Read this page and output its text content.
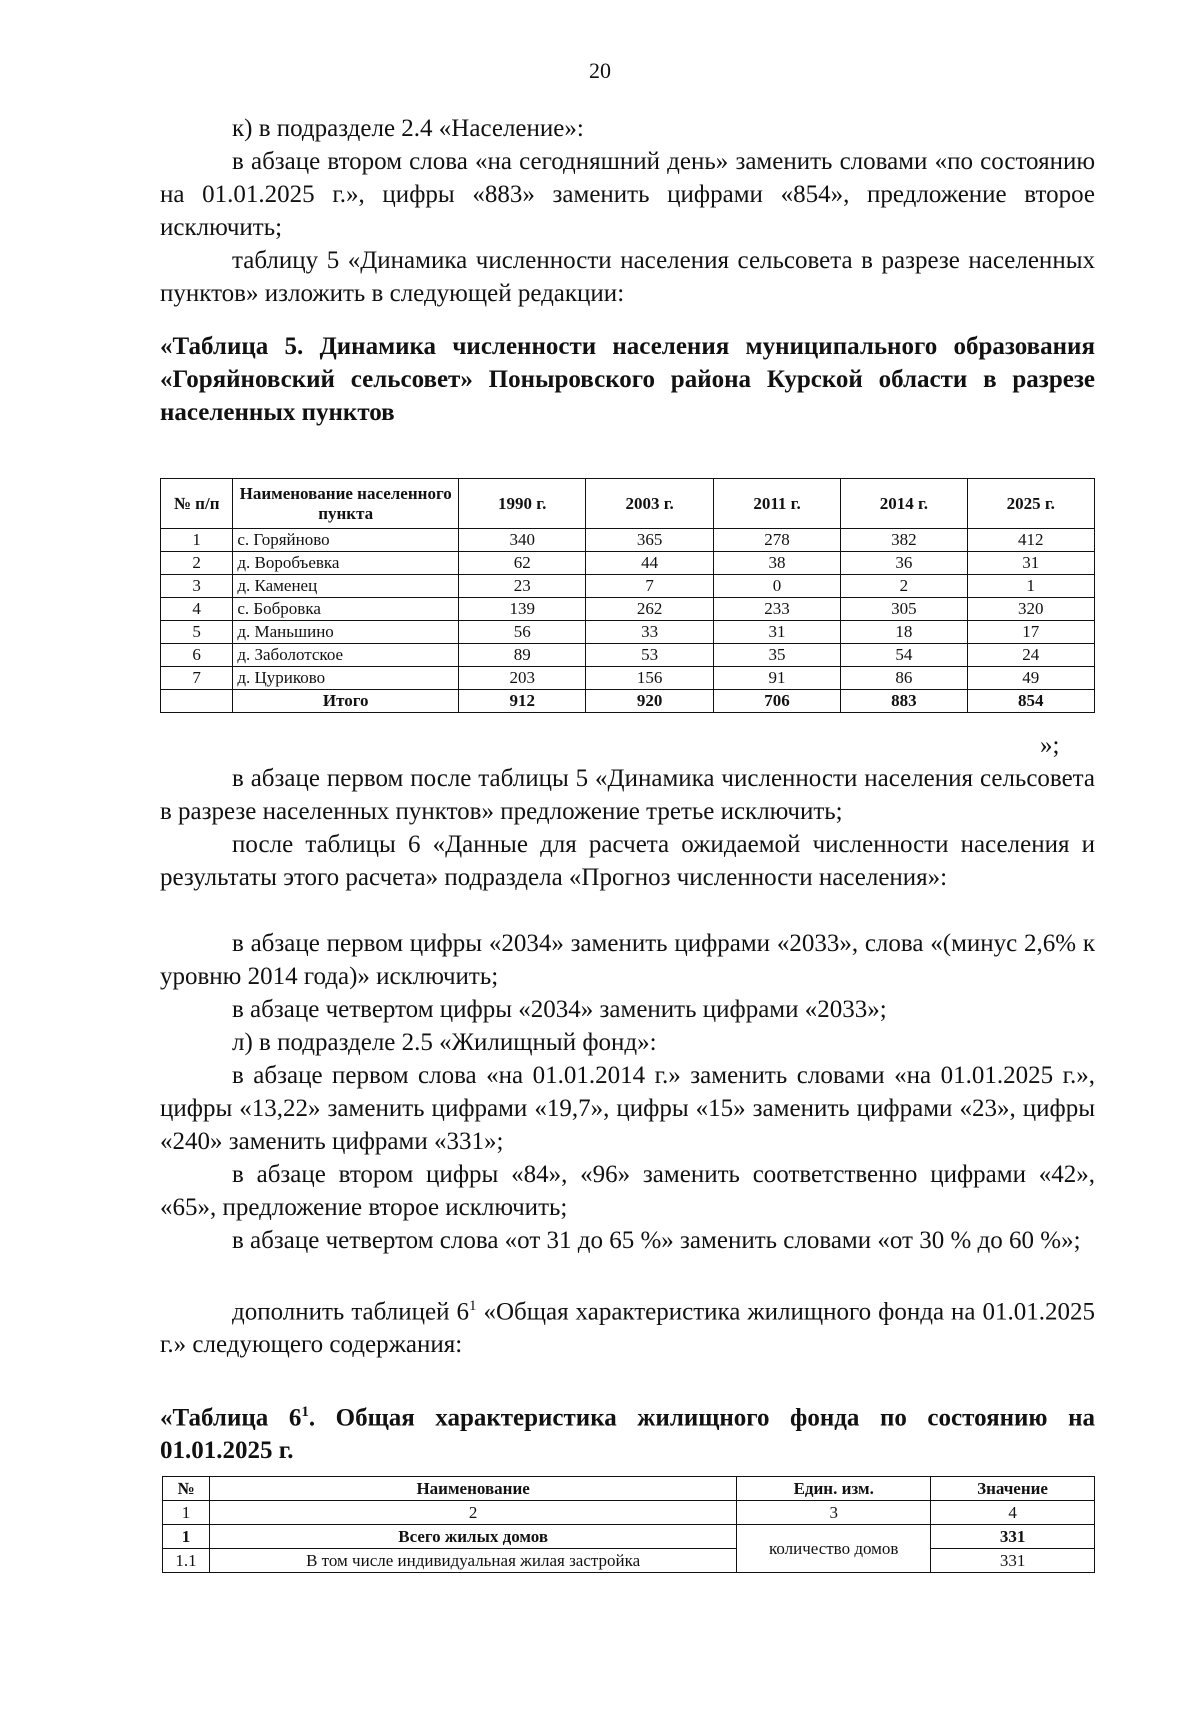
20

к) в подразделе 2.4 «Население»:

в абзаце втором слова «на сегодняшний день» заменить словами «по состоянию на 01.01.2025 г.», цифры «883» заменить цифрами «854», предложение второе исключить;

таблицу 5 «Динамика численности населения сельсовета в разрезе населенных пунктов» изложить в следующей редакции:

«Таблица 5. Динамика численности населения муниципального образования «Горяйновский сельсовет» Поныровского района Курской области в разрезе населенных пунктов

№ п/п	Наименование населенного пункта	1990 г.	2003 г.	2011 г.	2014 г.	2025 г.
1	с. Горяйново	340	365	278	382	412
2	д. Воробъевка	62	44	38	36	31
3	д. Каменец	23	7	0	2	1
4	с. Бобровка	139	262	233	305	320
5	д. Маньшино	56	33	31	18	17
6	д. Заболотское	89	53	35	54	24
7	д. Цуриково	203	156	91	86	49
	Итого	912	920	706	883	854
»;

в абзаце первом после таблицы 5 «Динамика численности населения сельсовета в разрезе населенных пунктов» предложение третье исключить;

после таблицы 6 «Данные для расчета ожидаемой численности населения и результаты этого расчета» подраздела «Прогноз численности населения»:

в абзаце первом цифры «2034» заменить цифрами «2033», слова «(минус 2,6% к уровню 2014 года)» исключить;

в абзаце четвертом цифры «2034» заменить цифрами «2033»;

л) в подразделе 2.5 «Жилищный фонд»:

в абзаце первом слова «на 01.01.2014 г.» заменить словами «на 01.01.2025 г.», цифры «13,22» заменить цифрами «19,7», цифры «15» заменить цифрами «23», цифры «240» заменить цифрами «331»;

в абзаце втором цифры «84», «96» заменить соответственно цифрами «42», «65», предложение второе исключить;

в абзаце четвертом слова «от 31 до 65 %» заменить словами «от 30 % до 60 %»;

дополнить таблицей $6^1$ «Общая характеристика жилищного фонда на 01.01.2025 г.» следующего содержания:

«Таблица $6^1$. Общая характеристика жилищного фонда по состоянию на 01.01.2025 г.

№	Наименование	Един. изм.	Значение
1	2	3	4
1	Всего жилых домов	количество домов	331
1.1	В том числе индивидуальная жилая застройка		331
